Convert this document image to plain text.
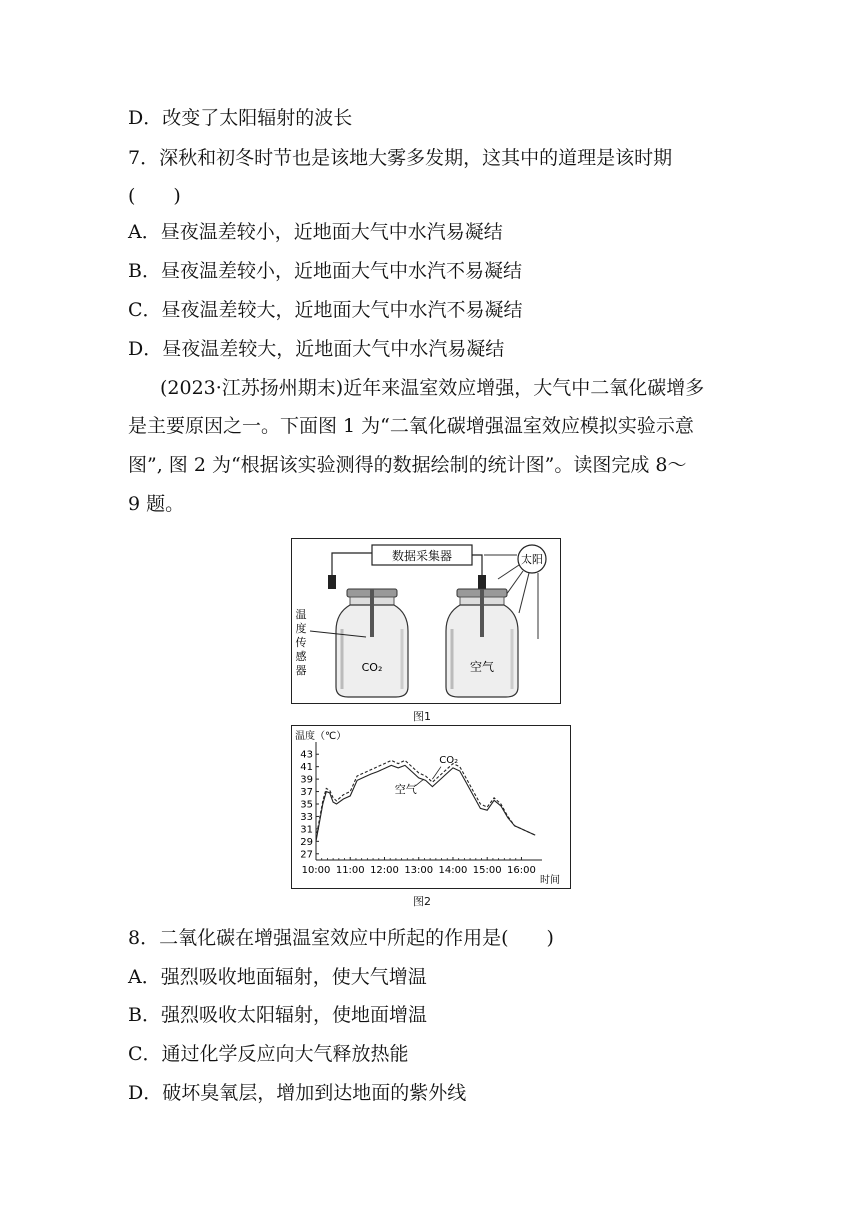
D．改变了太阳辐射的波长
7．深秋和初冬时节也是该地大雾多发期，这其中的道理是该时期
(　　)
A．昼夜温差较小，近地面大气中水汽易凝结
B．昼夜温差较小，近地面大气中水汽不易凝结
C．昼夜温差较大，近地面大气中水汽不易凝结
D．昼夜温差较大，近地面大气中水汽易凝结
(2023·江苏扬州期末)近年来温室效应增强，大气中二氧化碳增多
是主要原因之一。下面图 1 为“二氧化碳增强温室效应模拟实验示意
图”, 图 2 为“根据该实验测得的数据绘制的统计图”。读图完成 8～
9 题。
数据采集器	太阳
CO₂	空气
温
度
传
感
器
图1
温度（℃）
时间
27
29
31
33
35
37
39
41
43
10:00 11:00 12:00 13:00 14:00 15:00 16:00
CO₂
空气
图2
8．二氧化碳在增强温室效应中所起的作用是(　　)
A．强烈吸收地面辐射，使大气增温
B．强烈吸收太阳辐射，使地面增温
C．通过化学反应向大气释放热能
D．破坏臭氧层，增加到达地面的紫外线
